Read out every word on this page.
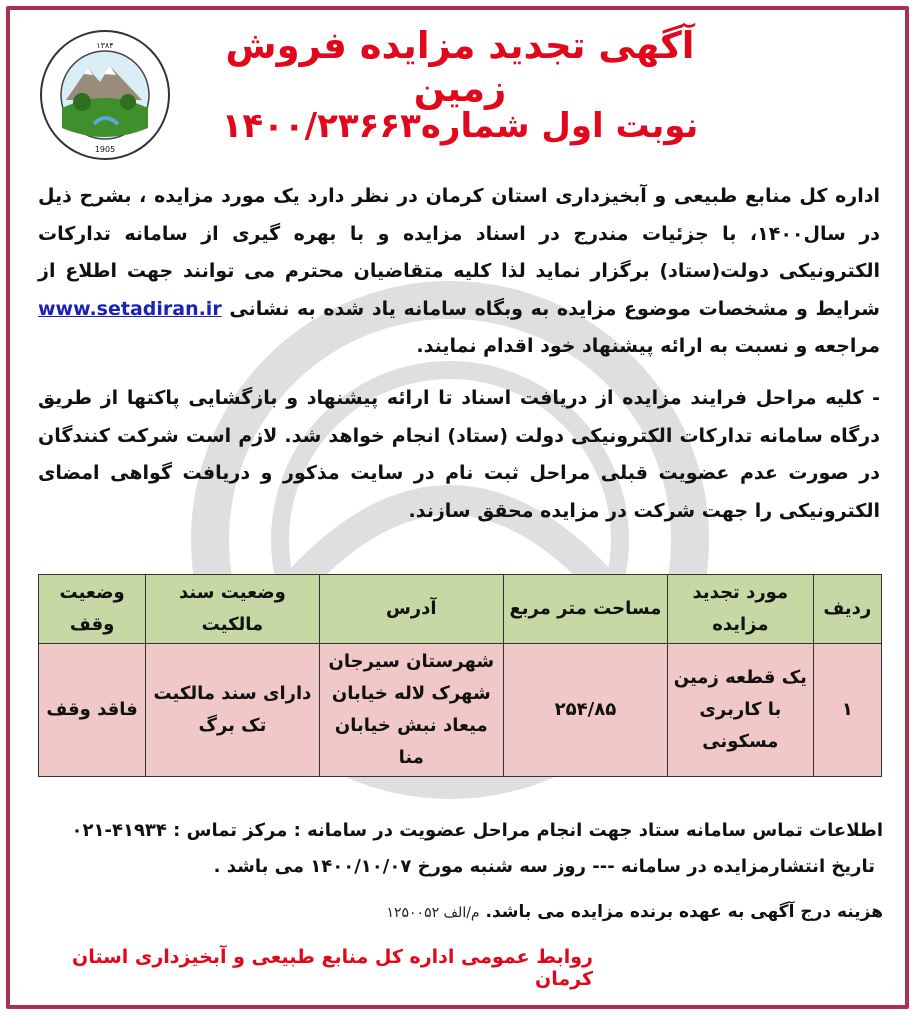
۱۳۸۴
1905
آگهی تجدید مزایده فروش زمین
نوبت اول شماره۱۴۰۰/۲۳۶۶۳
اداره کل منابع طبیعی و آبخیزداری استان کرمان در نظر دارد یک مورد مزایده ، بشرح ذیل در سال۱۴۰۰، با جزئیات مندرج در اسناد مزایده و با بهره گیری از سامانه تدارکات الکترونیکی دولت(ستاد) برگزار نماید لذا کلیه متقاضیان محترم می توانند جهت اطلاع از شرایط و مشخصات موضوع مزایده به وبگاه سامانه یاد شده به نشانی www.setadiran.ir مراجعه و نسبت به ارائه پیشنهاد خود اقدام نمایند.
- کلیه مراحل فرایند مزایده از دریافت اسناد تا ارائه پیشنهاد و بازگشایی پاکتها از طریق درگاه سامانه تدارکات الکترونیکی دولت (ستاد) انجام خواهد شد. لازم است شرکت کنندگان در صورت عدم عضویت قبلی مراحل ثبت نام در سایت مذکور و دریافت گواهی امضای الکترونیکی را جهت شرکت در مزایده محقق سازند.
ردیف	مورد تجدید مزایده	مساحت متر مربع	آدرس	وضعیت سند مالکیت	وضعیت وقف
۱	یک قطعه زمین با کاربری مسکونی	۲۵۴/۸۵	شهرستان سیرجان شهرک لاله خیابان میعاد نبش خیابان منا	دارای سند مالکیت تک برگ	فاقد وقف
اطلاعات تماس سامانه ستاد جهت انجام مراحل عضویت در سامانه : مرکز تماس : ۴۱۹۳۴-۰۲۱
تاریخ انتشارمزایده در سامانه --- روز سه شنبه مورخ ۱۴۰۰/۱۰/۰۷ می باشد .
هزینه درج آگهی به عهده برنده مزایده می باشد. م/الف ۱۲۵۰۰۵۲
روابط عمومی اداره کل منابع طبیعی و آبخیزداری استان کرمان
